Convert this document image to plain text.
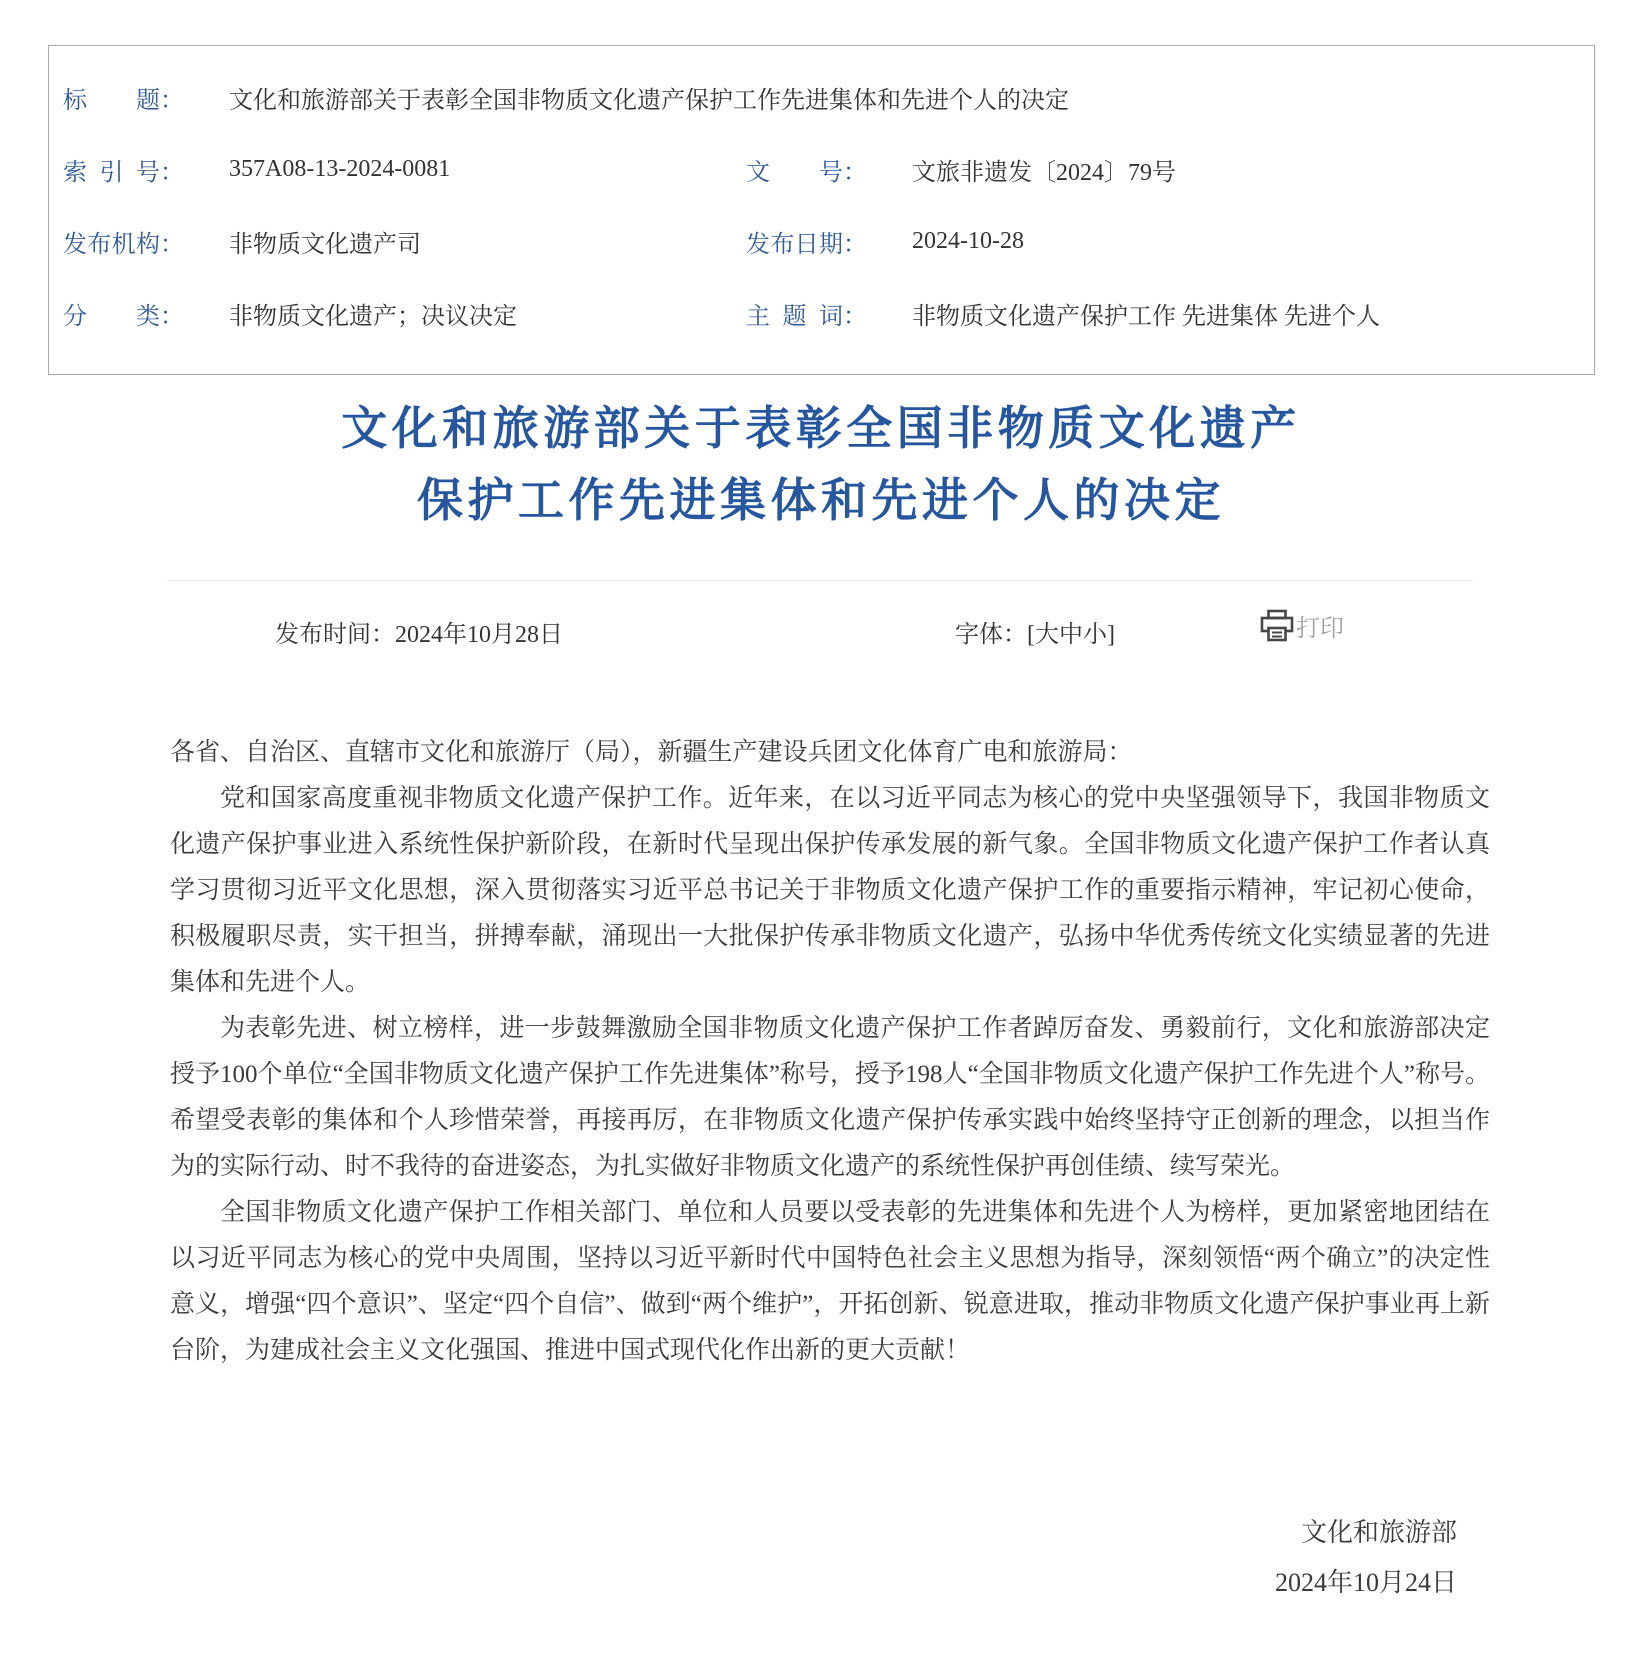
标题 ： 文化和旅游部关于表彰全国非物质文化遗产保护工作先进集体和先进个人的决定
索引号 ： 357A08-13-2024-0081	文号 ： 文旅非遗发〔2024〕79号
发布机构 ： 非物质文化遗产司	发布日期 ： 2024-10-28
分类 ： 非物质文化遗产；决议决定	主题词 ： 非物质文化遗产保护工作 先进集体 先进个人
文化和旅游部关于表彰全国非物质文化遗产
保护工作先进集体和先进个人的决定
发布时间：2024年10月28日	字体：[大中小]	打印

各省、自治区、直辖市文化和旅游厅（局），新疆生产建设兵团文化体育广电和旅游局：

党和国家高度重视非物质文化遗产保护工作。近年来，在以习近平同志为核心的党中央坚强领导下，我国非物质文化遗产保护事业进入系统性保护新阶段，在新时代呈现出保护传承发展的新气象。全国非物质文化遗产保护工作者认真学习贯彻习近平文化思想，深入贯彻落实习近平总书记关于非物质文化遗产保护工作的重要指示精神，牢记初心使命，积极履职尽责，实干担当，拼搏奉献，涌现出一大批保护传承非物质文化遗产，弘扬中华优秀传统文化实绩显著的先进集体和先进个人。

为表彰先进、树立榜样，进一步鼓舞激励全国非物质文化遗产保护工作者踔厉奋发、勇毅前行，文化和旅游部决定授予100个单位“全国非物质文化遗产保护工作先进集体”称号，授予198人“全国非物质文化遗产保护工作先进个人”称号。希望受表彰的集体和个人珍惜荣誉，再接再厉，在非物质文化遗产保护传承实践中始终坚持守正创新的理念，以担当作为的实际行动、时不我待的奋进姿态，为扎实做好非物质文化遗产的系统性保护再创佳绩、续写荣光。

全国非物质文化遗产保护工作相关部门、单位和人员要以受表彰的先进集体和先进个人为榜样，更加紧密地团结在以习近平同志为核心的党中央周围，坚持以习近平新时代中国特色社会主义思想为指导，深刻领悟“两个确立”的决定性意义，增强“四个意识”、坚定“四个自信”、做到“两个维护”，开拓创新、锐意进取，推动非物质文化遗产保护事业再上新台阶，为建成社会主义文化强国、推进中国式现代化作出新的更大贡献！

文化和旅游部
2024年10月24日
